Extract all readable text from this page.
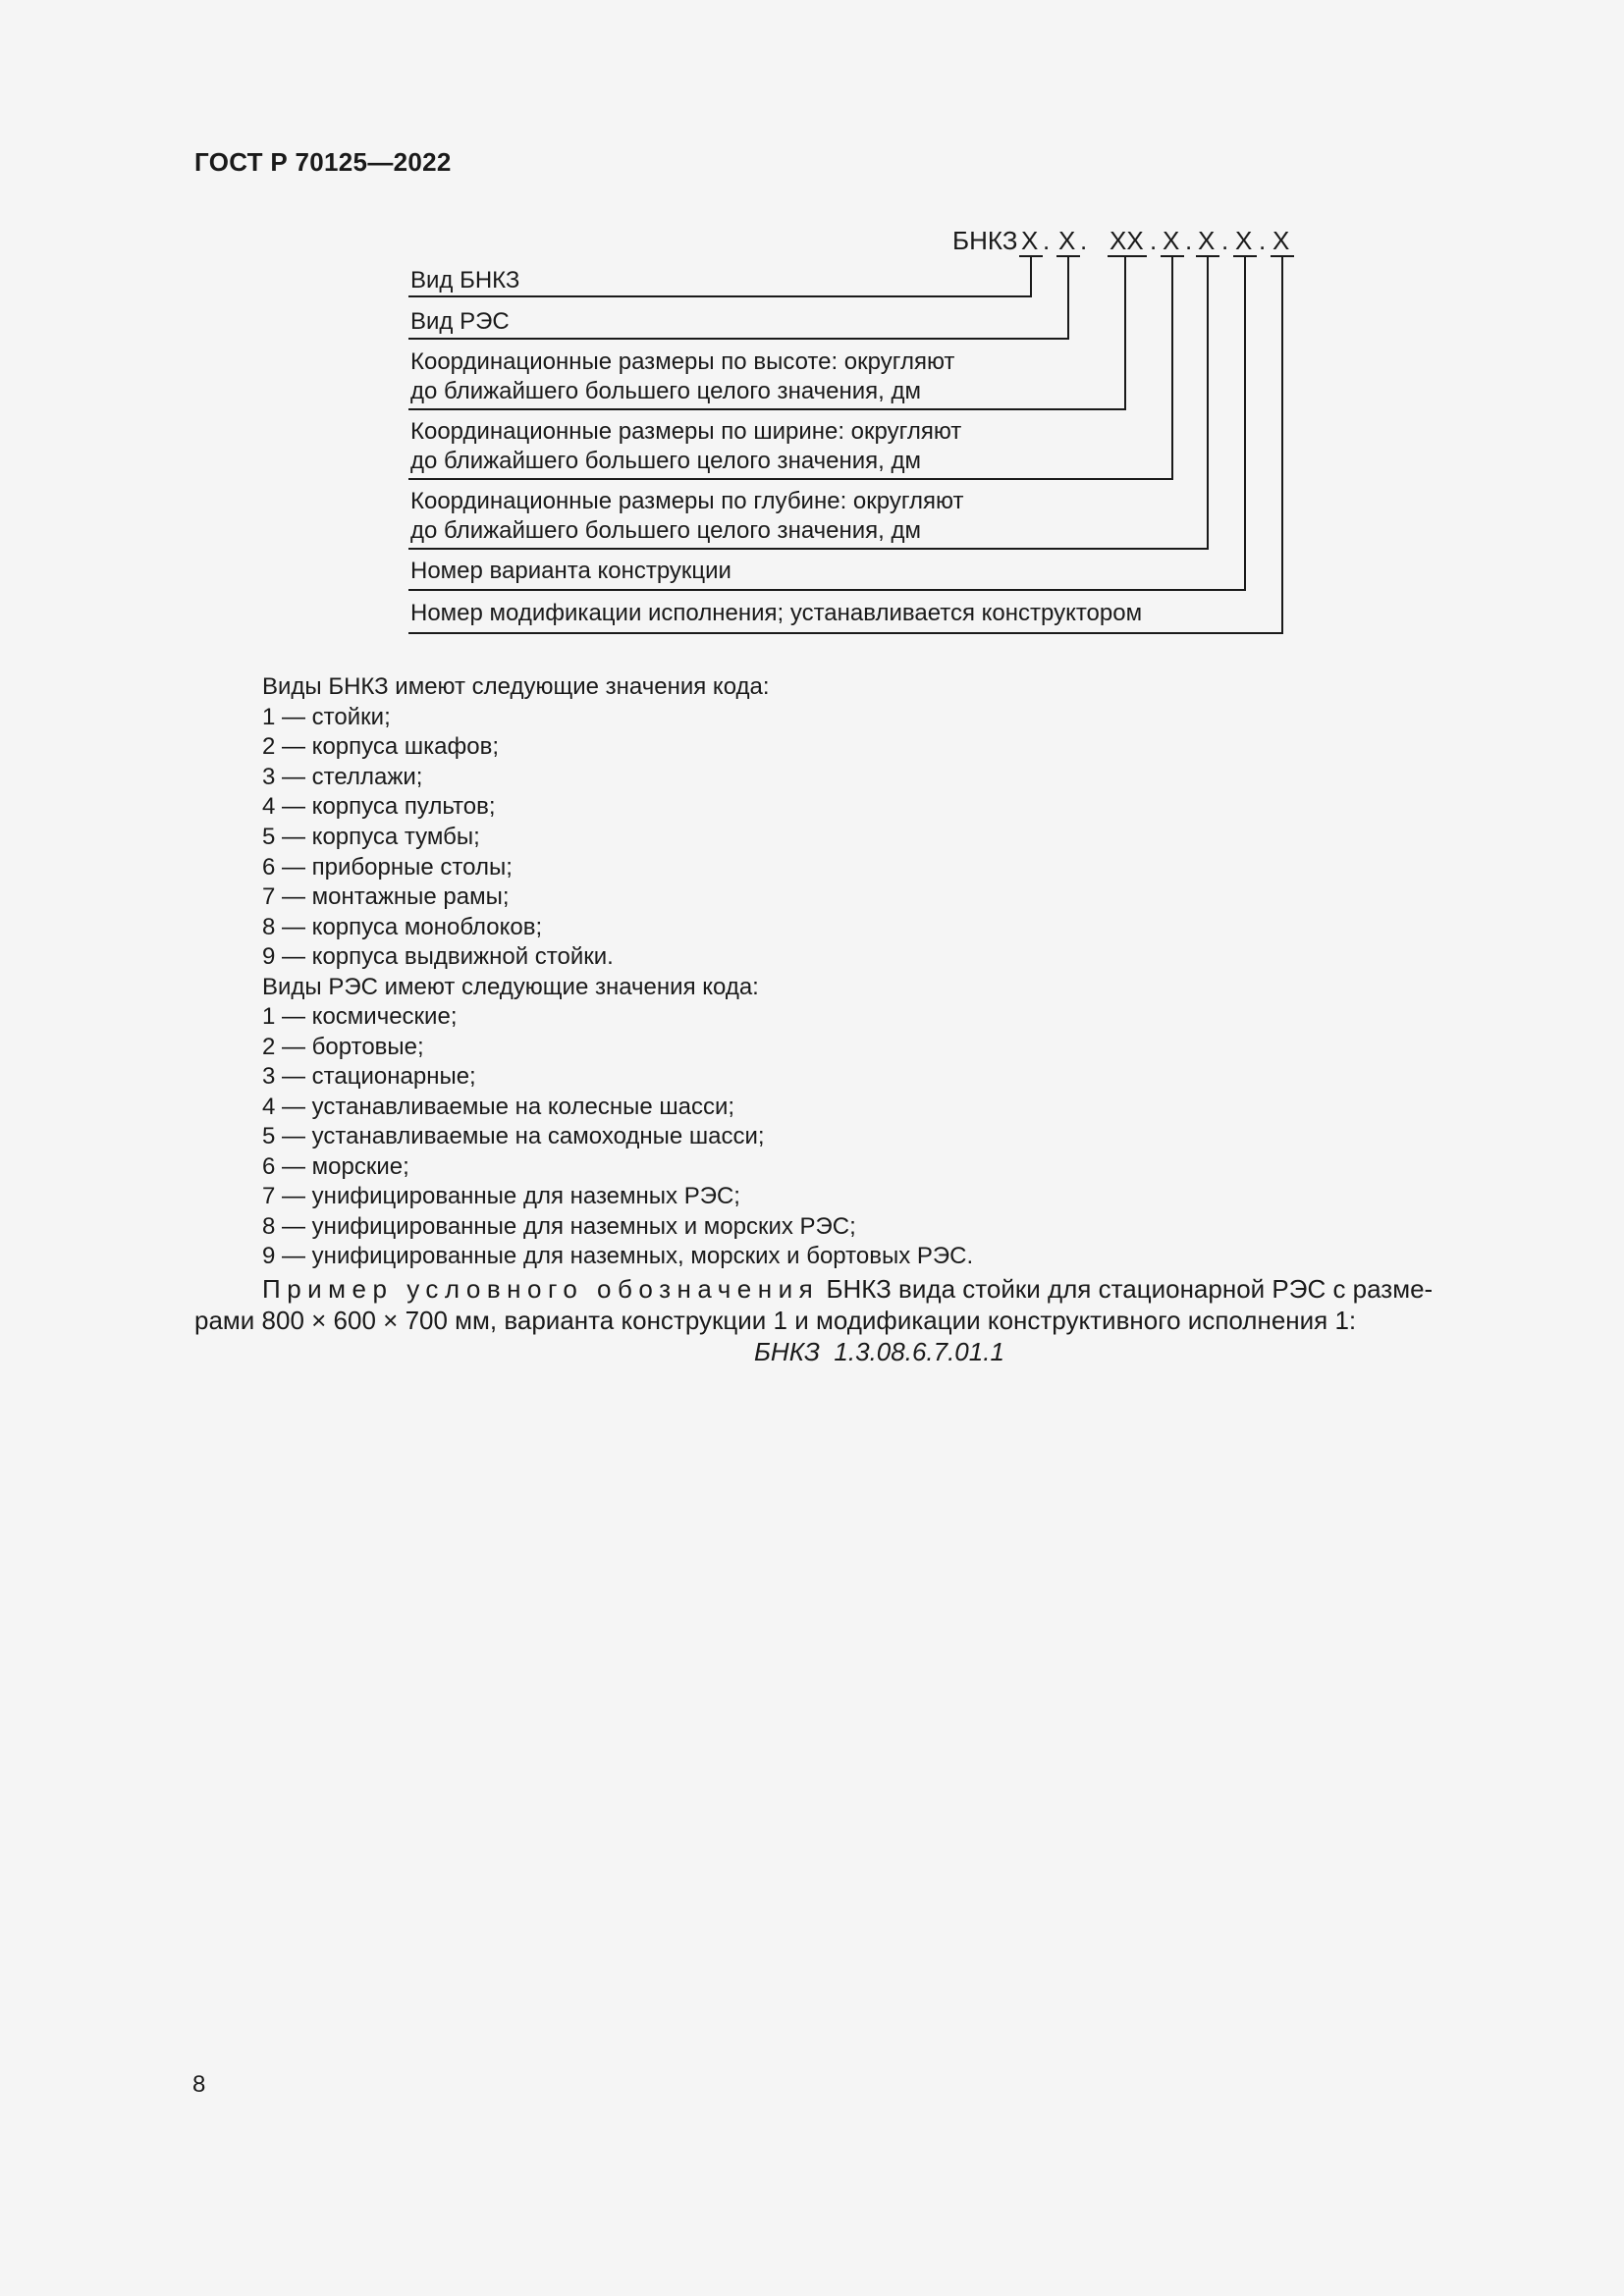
ГОСТ Р 70125—2022
БНКЗ X . X . XX . X . X . X . X
Вид БНКЗ
Вид РЭС
Координационные размеры по высоте: округляют
до ближайшего большего целого значения, дм
Координационные размеры по ширине: округляют
до ближайшего большего целого значения, дм
Координационные размеры по глубине: округляют
до ближайшего большего целого значения, дм
Номер варианта конструкции
Номер модификации исполнения; устанавливается конструктором
Виды БНКЗ имеют следующие значения кода:
1 — стойки;
2 — корпуса шкафов;
3 — стеллажи;
4 — корпуса пультов;
5 — корпуса тумбы;
6 — приборные столы;
7 — монтажные рамы;
8 — корпуса моноблоков;
9 — корпуса выдвижной стойки.
Виды РЭС имеют следующие значения кода:
1 — космические;
2 — бортовые;
3 — стационарные;
4 — устанавливаемые на колесные шасси;
5 — устанавливаемые на самоходные шасси;
6 — морские;
7 — унифицированные для наземных РЭС;
8 — унифицированные для наземных и морских РЭС;
9 — унифицированные для наземных, морских и бортовых РЭС.
Пример условного обозначения БНКЗ вида стойки для стационарной РЭС с разме-
рами 800 × 600 × 700 мм, варианта конструкции 1 и модификации конструктивного исполнения 1:
БНКЗ  1.3.08.6.7.01.1
8
